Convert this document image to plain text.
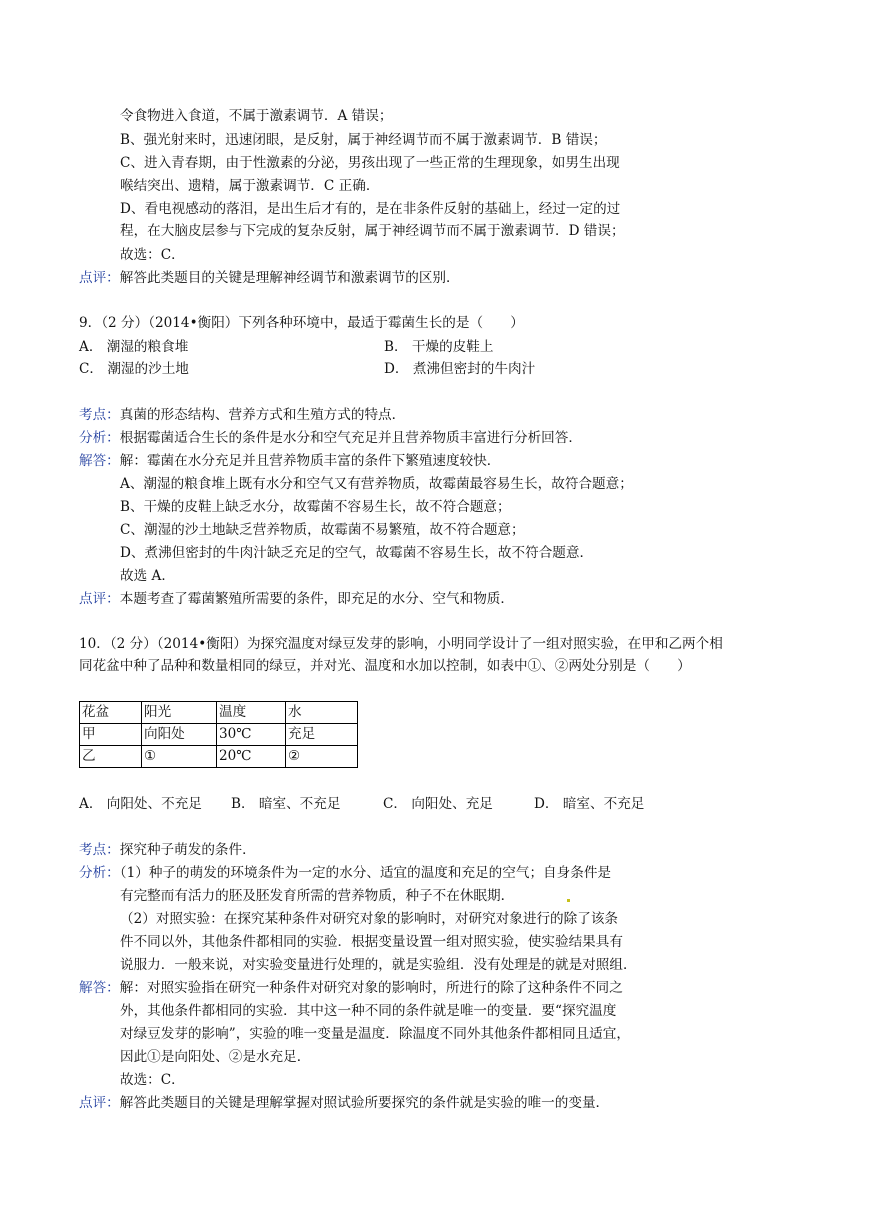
令食物进入食道，不属于激素调节．A 错误；
B、强光射来时，迅速闭眼，是反射，属于神经调节而不属于激素调节．B 错误；
C、进入青春期，由于性激素的分泌，男孩出现了一些正常的生理现象，如男生出现
喉结突出、遗精，属于激素调节．C 正确．
D、看电视感动的落泪，是出生后才有的，是在非条件反射的基础上，经过一定的过
程，在大脑皮层参与下完成的复杂反射，属于神经调节而不属于激素调节．D 错误；
故选：C．
点评：解答此类题目的关键是理解神经调节和激素调节的区别．
9．（2 分）（2014•衡阳）下列各种环境中，最适于霉菌生长的是（　　）
A． 潮湿的粮食堆	B． 干燥的皮鞋上
C． 潮湿的沙土地	D． 煮沸但密封的牛肉汁
考点：真菌的形态结构、营养方式和生殖方式的特点．
分析：根据霉菌适合生长的条件是水分和空气充足并且营养物质丰富进行分析回答．
解答：解：霉菌在水分充足并且营养物质丰富的条件下繁殖速度较快．
A、潮湿的粮食堆上既有水分和空气又有营养物质，故霉菌最容易生长，故符合题意；
B、干燥的皮鞋上缺乏水分，故霉菌不容易生长，故不符合题意；
C、潮湿的沙土地缺乏营养物质，故霉菌不易繁殖，故不符合题意；
D、煮沸但密封的牛肉汁缺乏充足的空气，故霉菌不容易生长，故不符合题意．
故选 A．
点评：本题考查了霉菌繁殖所需要的条件，即充足的水分、空气和物质．
10．（2 分）（2014•衡阳）为探究温度对绿豆发芽的影响，小明同学设计了一组对照实验，在甲和乙两个相
同花盆中种了品种和数量相同的绿豆，并对光、温度和水加以控制，如表中①、②两处分别是（　　）
花盆	阳光	温度	水
甲	向阳处	30℃	充足
乙	①	20℃	②
A． 向阳处、不充足 B． 暗室、不充足	C． 向阳处、充足	D． 暗室、不充足
考点：探究种子萌发的条件．
分析：（1）种子的萌发的环境条件为一定的水分、适宜的温度和充足的空气；自身条件是
有完整而有活力的胚及胚发育所需的营养物质，种子不在休眠期．
（2）对照实验：在探究某种条件对研究对象的影响时，对研究对象进行的除了该条
件不同以外，其他条件都相同的实验．根据变量设置一组对照实验，使实验结果具有
说服力．一般来说，对实验变量进行处理的，就是实验组．没有处理是的就是对照组．
解答：解：对照实验指在研究一种条件对研究对象的影响时，所进行的除了这种条件不同之
外，其他条件都相同的实验．其中这一种不同的条件就是唯一的变量．要“探究温度
对绿豆发芽的影响”，实验的唯一变量是温度．除温度不同外其他条件都相同且适宜，
因此①是向阳处、②是水充足．
故选：C．
点评：解答此类题目的关键是理解掌握对照试验所要探究的条件就是实验的唯一的变量．
